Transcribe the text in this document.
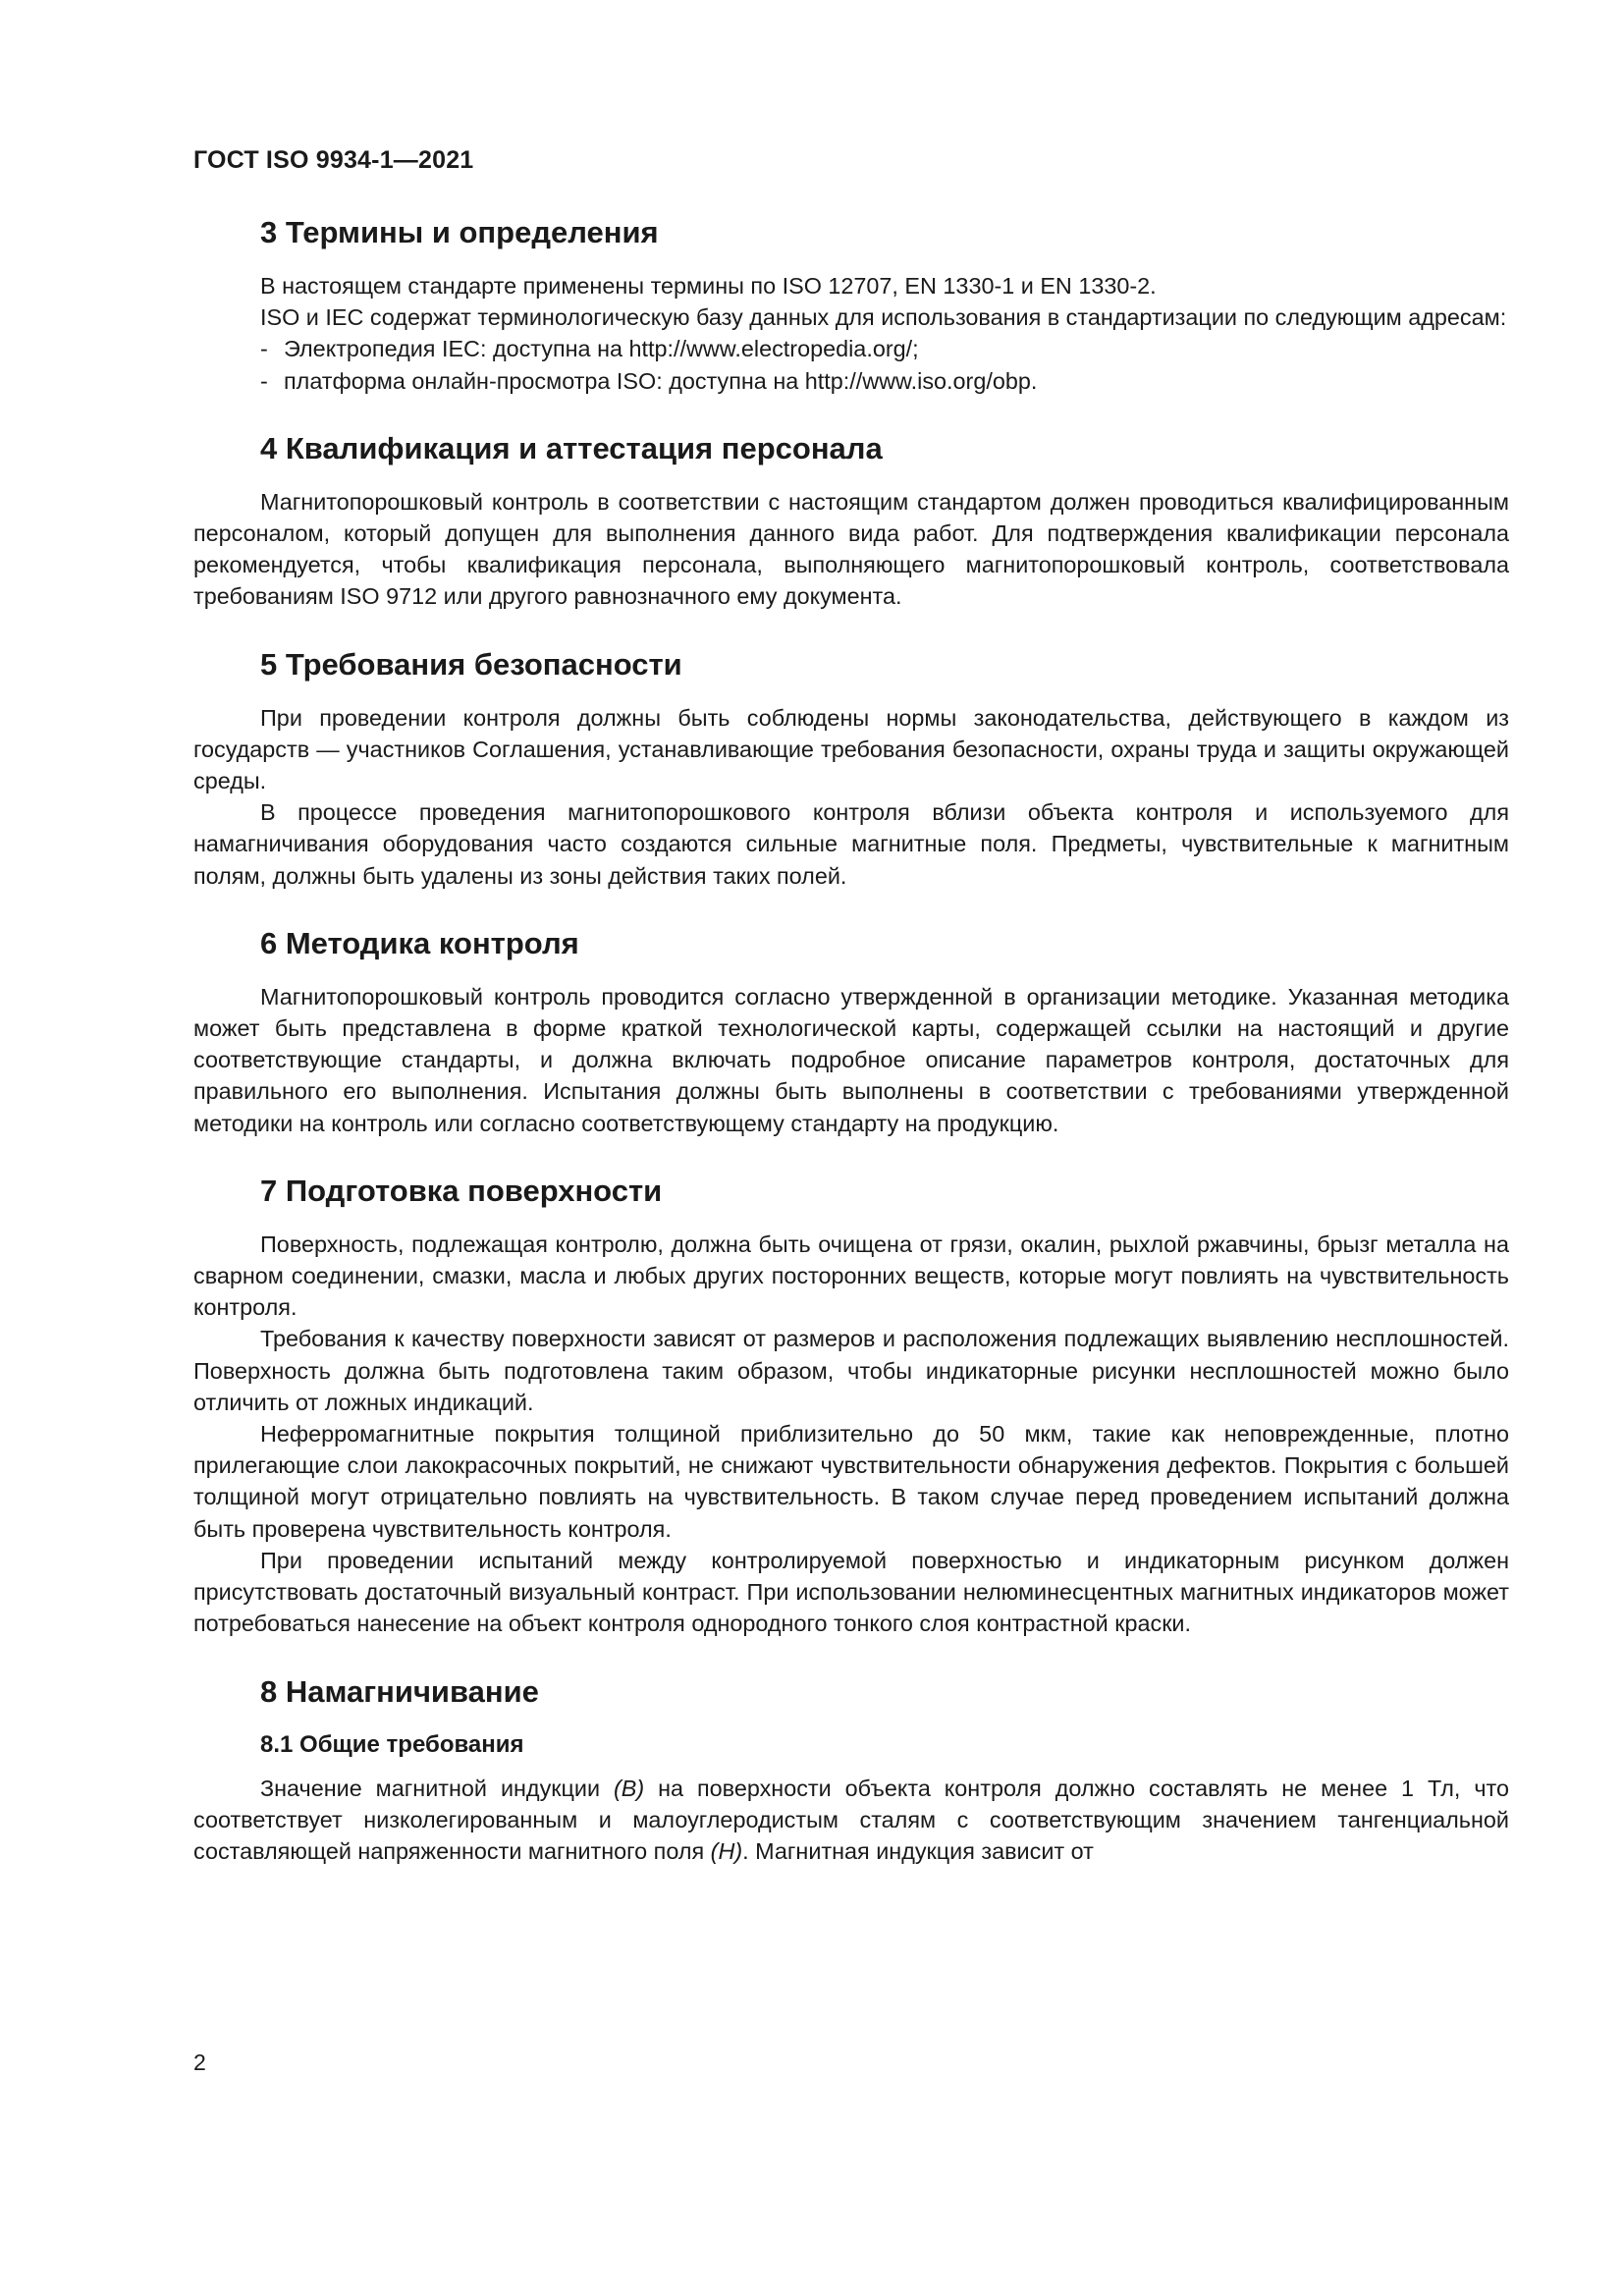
ГОСТ ISO 9934-1—2021
3 Термины и определения

В настоящем стандарте применены термины по ISO 12707, EN 1330-1 и EN 1330-2.

ISO и IEC содержат терминологическую базу данных для использования в стандартизации по следующим адресам:

- Электропедия IEC: доступна на http://www.electropedia.org/;
- платформа онлайн-просмотра ISO: доступна на http://www.iso.org/obp.
4 Квалификация и аттестация персонала

Магнитопорошковый контроль в соответствии с настоящим стандартом должен проводиться квалифицированным персоналом, который допущен для выполнения данного вида работ. Для подтверждения квалификации персонала рекомендуется, чтобы квалификация персонала, выполняющего магнитопорошковый контроль, соответствовала требованиям ISO 9712 или другого равнозначного ему документа.

5 Требования безопасности

При проведении контроля должны быть соблюдены нормы законодательства, действующего в каждом из государств — участников Соглашения, устанавливающие требования безопасности, охраны труда и защиты окружающей среды.

В процессе проведения магнитопорошкового контроля вблизи объекта контроля и используемого для намагничивания оборудования часто создаются сильные магнитные поля. Предметы, чувствительные к магнитным полям, должны быть удалены из зоны действия таких полей.

6 Методика контроля

Магнитопорошковый контроль проводится согласно утвержденной в организации методике. Указанная методика может быть представлена в форме краткой технологической карты, содержащей ссылки на настоящий и другие соответствующие стандарты, и должна включать подробное описание параметров контроля, достаточных для правильного его выполнения. Испытания должны быть выполнены в соответствии с требованиями утвержденной методики на контроль или согласно соответствующему стандарту на продукцию.

7 Подготовка поверхности

Поверхность, подлежащая контролю, должна быть очищена от грязи, окалин, рыхлой ржавчины, брызг металла на сварном соединении, смазки, масла и любых других посторонних веществ, которые могут повлиять на чувствительность контроля.

Требования к качеству поверхности зависят от размеров и расположения подлежащих выявлению несплошностей. Поверхность должна быть подготовлена таким образом, чтобы индикаторные рисунки несплошностей можно было отличить от ложных индикаций.

Неферромагнитные покрытия толщиной приблизительно до 50 мкм, такие как неповрежденные, плотно прилегающие слои лакокрасочных покрытий, не снижают чувствительности обнаружения дефектов. Покрытия с большей толщиной могут отрицательно повлиять на чувствительность. В таком случае перед проведением испытаний должна быть проверена чувствительность контроля.

При проведении испытаний между контролируемой поверхностью и индикаторным рисунком должен присутствовать достаточный визуальный контраст. При использовании нелюминесцентных магнитных индикаторов может потребоваться нанесение на объект контроля однородного тонкого слоя контрастной краски.

8 Намагничивание
8.1 Общие требования

Значение магнитной индукции (B) на поверхности объекта контроля должно составлять не менее 1 Тл, что соответствует низколегированным и малоуглеродистым сталям с соответствующим значением тангенциальной составляющей напряженности магнитного поля (H). Магнитная индукция зависит от

2
